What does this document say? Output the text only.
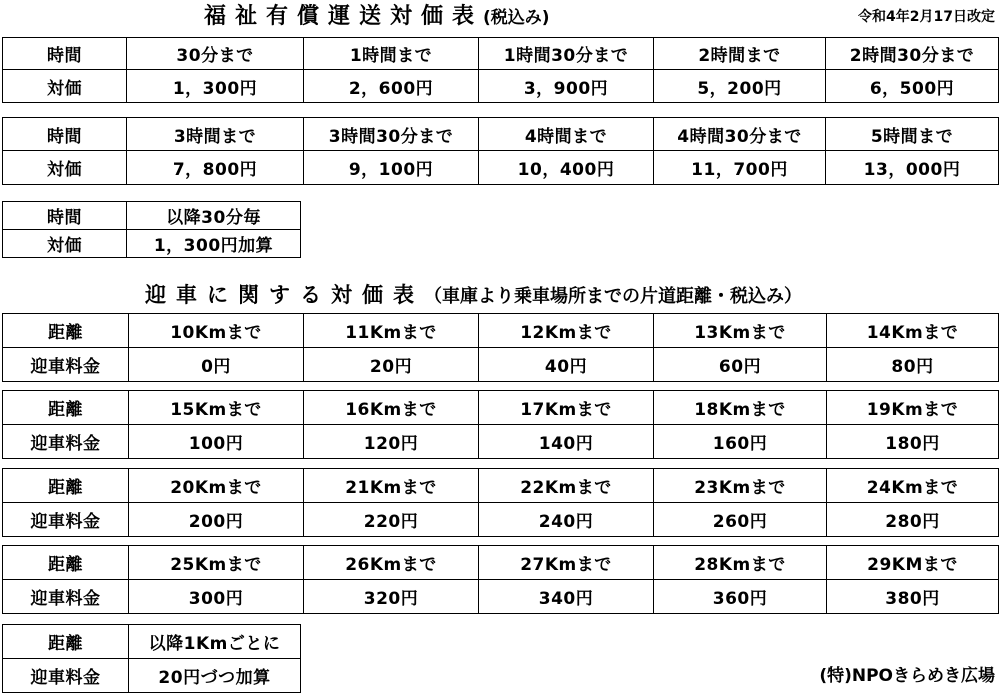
福祉有償運送対価表(税込み)	令和4年2月17日改定
時間	30分まで	1時間まで	1時間30分まで	2時間まで	2時間30分まで
対価	1，300円	2，600円	3，900円	5，200円	6，500円
時間	3時間まで	3時間30分まで	4時間まで	4時間30分まで	5時間まで
対価	7，800円	9，100円	10，400円	11，700円	13，000円
時間	以降30分毎
対価	1，300円加算
迎車に関する対価表（車庫より乗車場所までの片道距離・税込み）
距離	10Kmまで	11Kmまで	12Kmまで	13Kmまで	14Kmまで
迎車料金	0円	20円	40円	60円	80円
距離	15Kmまで	16Kmまで	17Kmまで	18Kmまで	19Kmまで
迎車料金	100円	120円	140円	160円	180円
距離	20Kmまで	21Kmまで	22Kmまで	23Kmまで	24Kmまで
迎車料金	200円	220円	240円	260円	280円
距離	25Kmまで	26Kmまで	27Kmまで	28Kmまで	29KMまで
迎車料金	300円	320円	340円	360円	380円
距離	以降1Kmごとに
迎車料金	20円づつ加算	(特)NPOきらめき広場
